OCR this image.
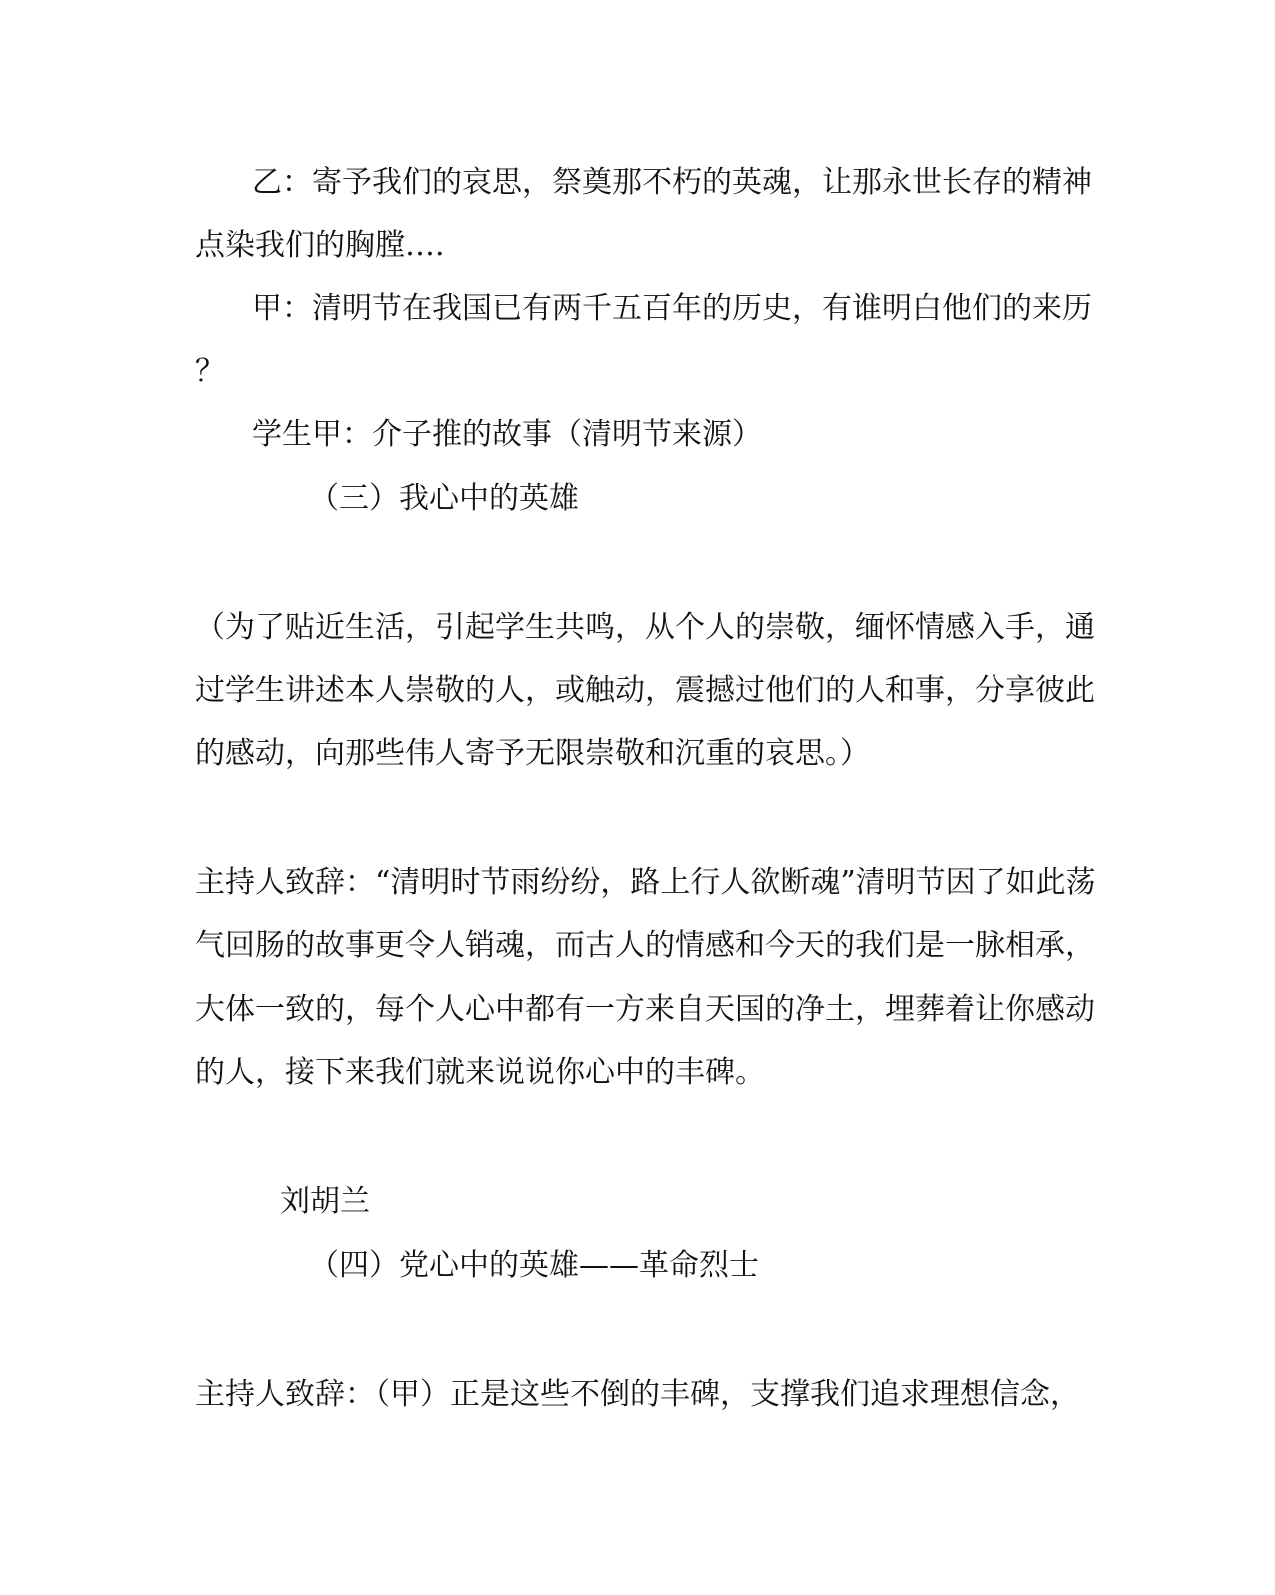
乙：寄予我们的哀思，祭奠那不朽的英魂，让那永世长存的精神
点染我们的胸膛….
甲：清明节在我国已有两千五百年的历史，有谁明白他们的来历
？
学生甲：介子推的故事（清明节来源）
（三）我心中的英雄
（为了贴近生活，引起学生共鸣，从个人的崇敬，缅怀情感入手，通
过学生讲述本人崇敬的人，或触动，震撼过他们的人和事，分享彼此
的感动，向那些伟人寄予无限崇敬和沉重的哀思。）
主持人致辞：“清明时节雨纷纷，路上行人欲断魂”清明节因了如此荡
气回肠的故事更令人销魂，而古人的情感和今天的我们是一脉相承，
大体一致的，每个人心中都有一方来自天国的净土，埋葬着让你感动
的人，接下来我们就来说说你心中的丰碑。
刘胡兰
（四）党心中的英雄——革命烈士
主持人致辞：（甲）正是这些不倒的丰碑，支撑我们追求理想信念，
